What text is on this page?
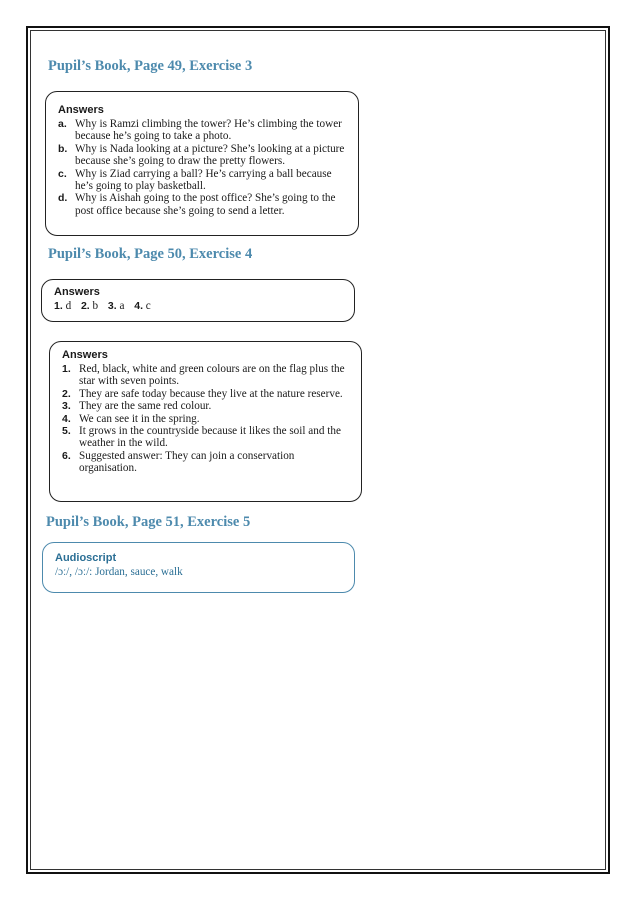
Pupil’s Book, Page 49, Exercise 3
Answers
a. Why is Ramzi climbing the tower? He’s climbing the tower because he’s going to take a photo.
b. Why is Nada looking at a picture? She’s looking at a picture because she’s going to draw the pretty flowers.
c. Why is Ziad carrying a ball? He’s carrying a ball because he’s going to play basketball.
d. Why is Aishah going to the post office? She’s going to the post office because she’s going to send a letter.
Pupil’s Book, Page 50, Exercise 4
Answers
1. d 2. b 3. a 4. c
Answers
1. Red, black, white and green colours are on the flag plus the star with seven points.
2. They are safe today because they live at the nature reserve.
3. They are the same red colour.
4. We can see it in the spring.
5. It grows in the countryside because it likes the soil and the weather in the wild.
6. Suggested answer: They can join a conservation organisation.
Pupil’s Book, Page 51, Exercise 5
Audioscript
/ɔː/, /ɔː/: Jordan, sauce, walk
